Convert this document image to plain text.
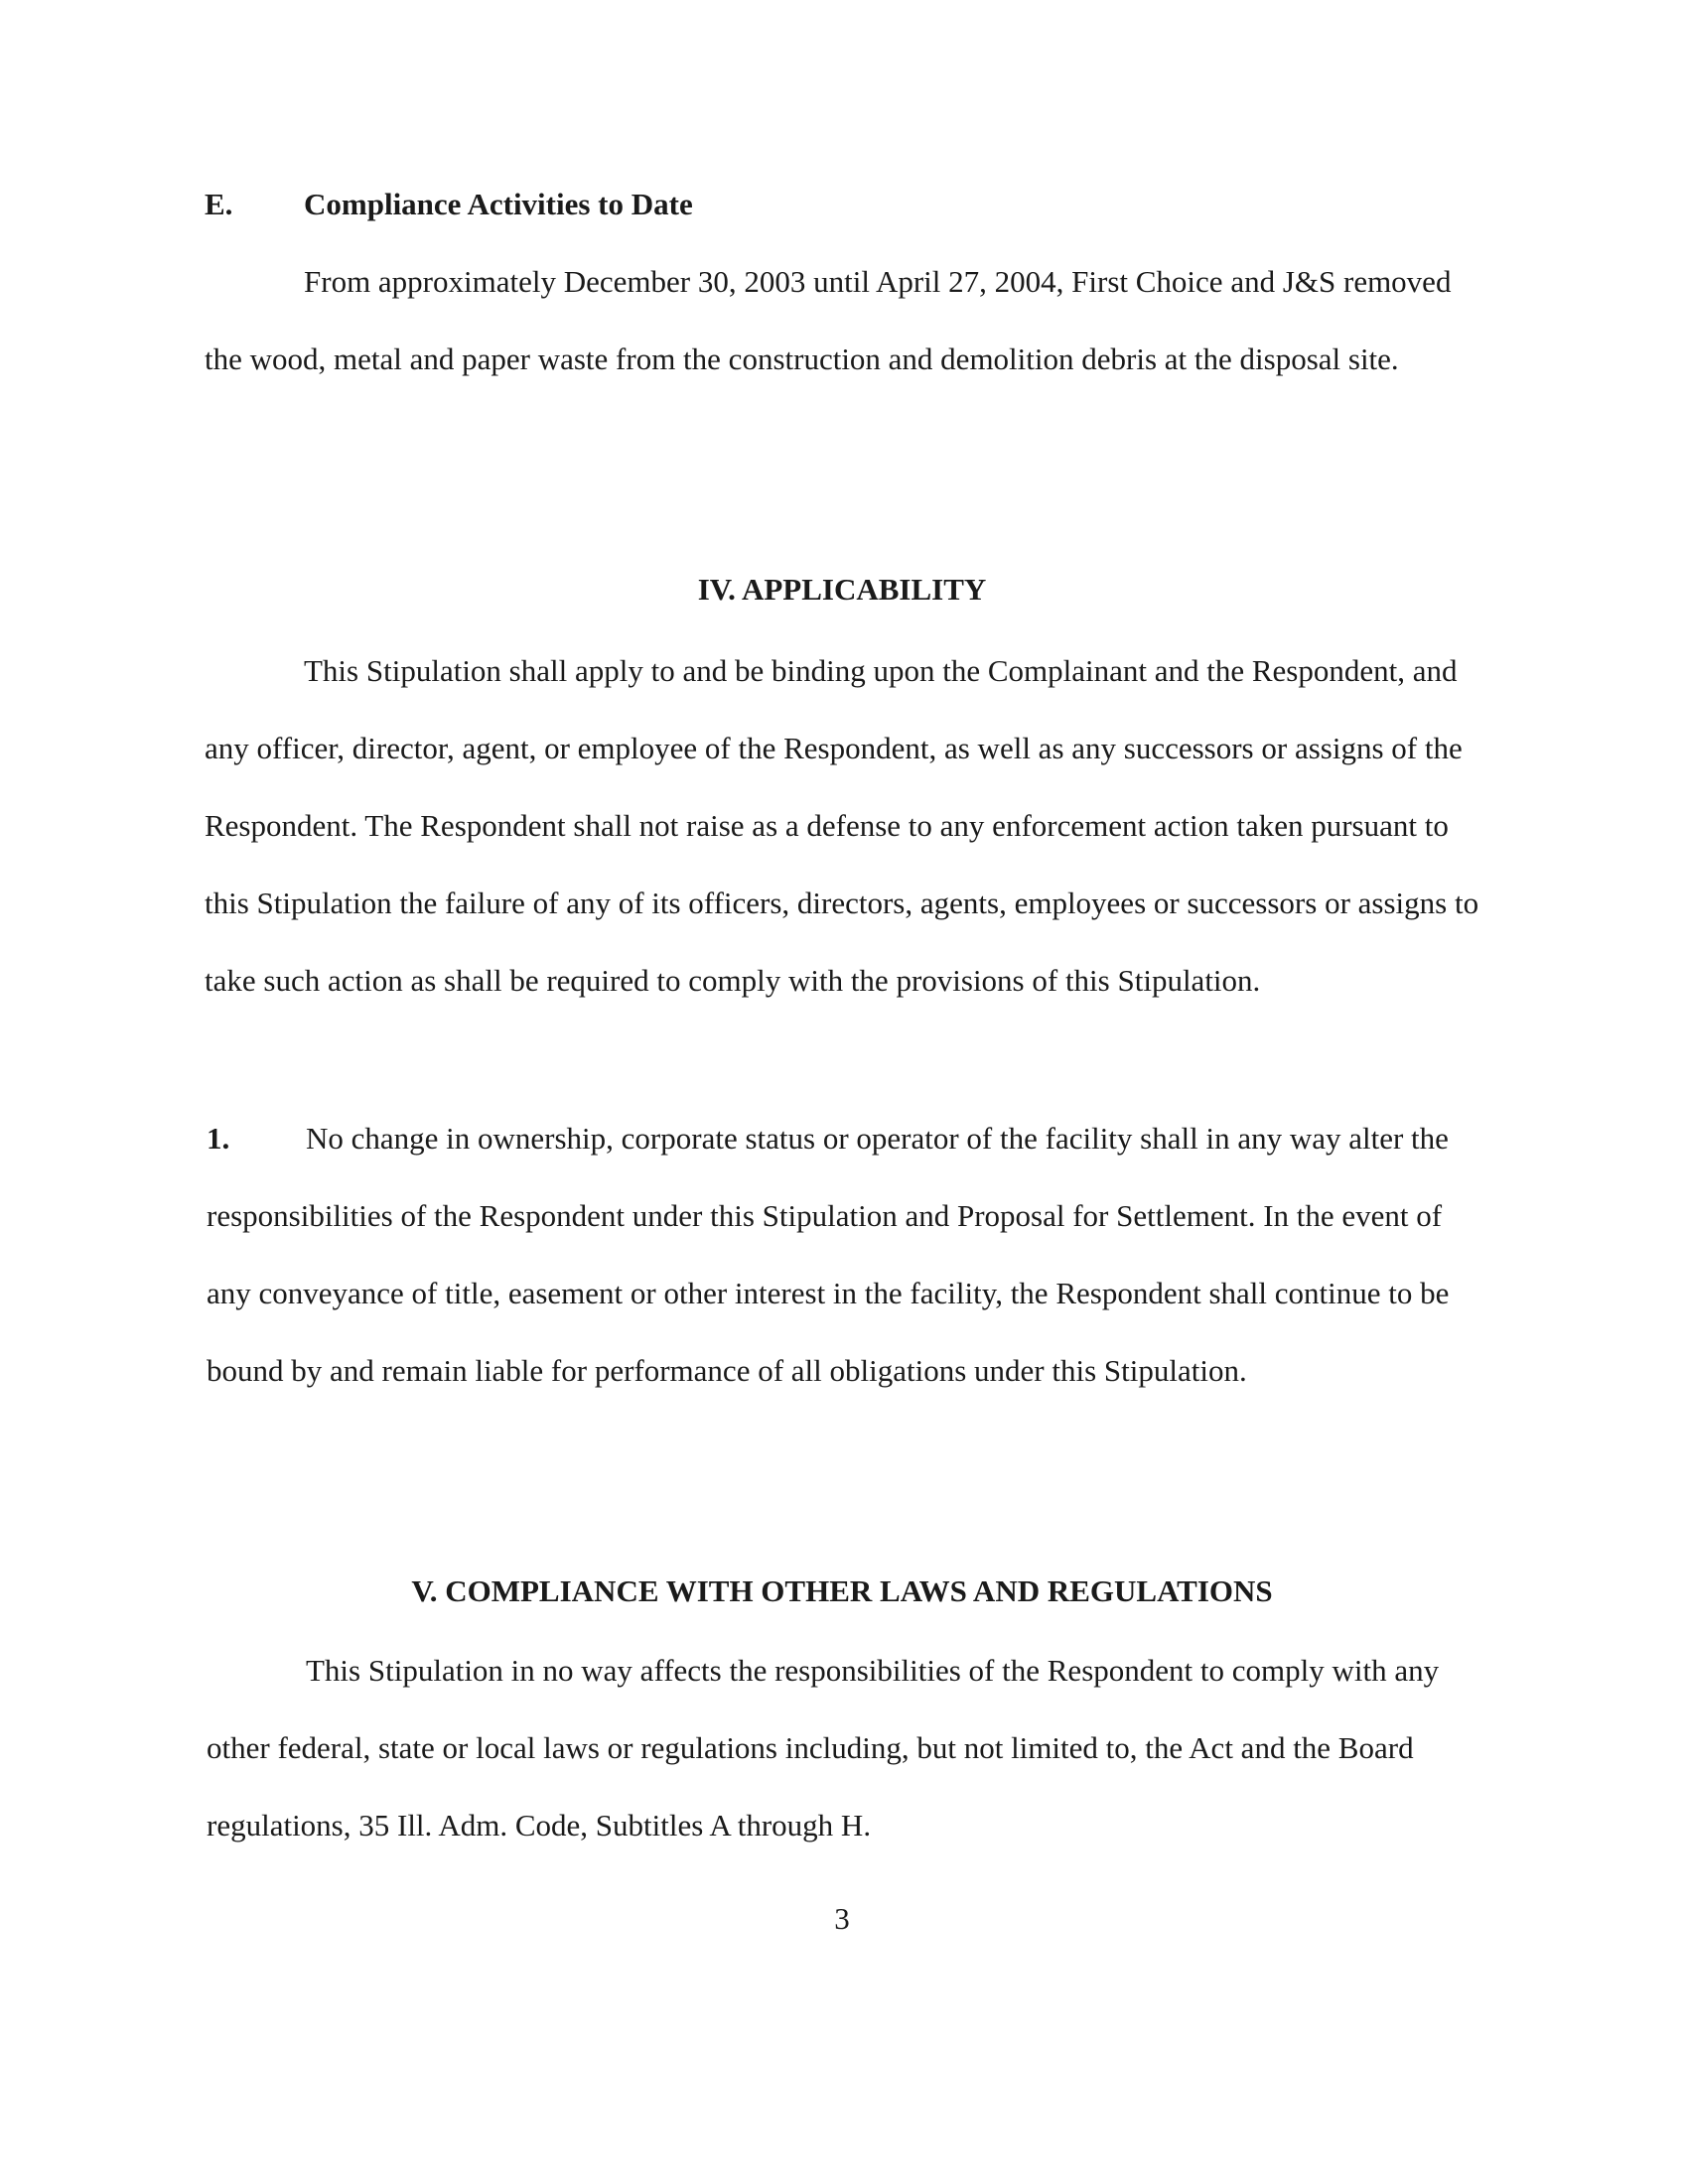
E. Compliance Activities to Date

From approximately December 30, 2003 until April 27, 2004, First Choice and J&S removed the wood, metal and paper waste from the construction and demolition debris at the disposal site.

IV. APPLICABILITY

This Stipulation shall apply to and be binding upon the Complainant and the Respondent, and any officer, director, agent, or employee of the Respondent, as well as any successors or assigns of the Respondent. The Respondent shall not raise as a defense to any enforcement action taken pursuant to this Stipulation the failure of any of its officers, directors, agents, employees or successors or assigns to take such action as shall be required to comply with the provisions of this Stipulation.

1. No change in ownership, corporate status or operator of the facility shall in any way alter the responsibilities of the Respondent under this Stipulation and Proposal for Settlement. In the event of any conveyance of title, easement or other interest in the facility, the Respondent shall continue to be bound by and remain liable for performance of all obligations under this Stipulation.

V. COMPLIANCE WITH OTHER LAWS AND REGULATIONS

This Stipulation in no way affects the responsibilities of the Respondent to comply with any other federal, state or local laws or regulations including, but not limited to, the Act and the Board regulations, 35 Ill. Adm. Code, Subtitles A through H.

3
